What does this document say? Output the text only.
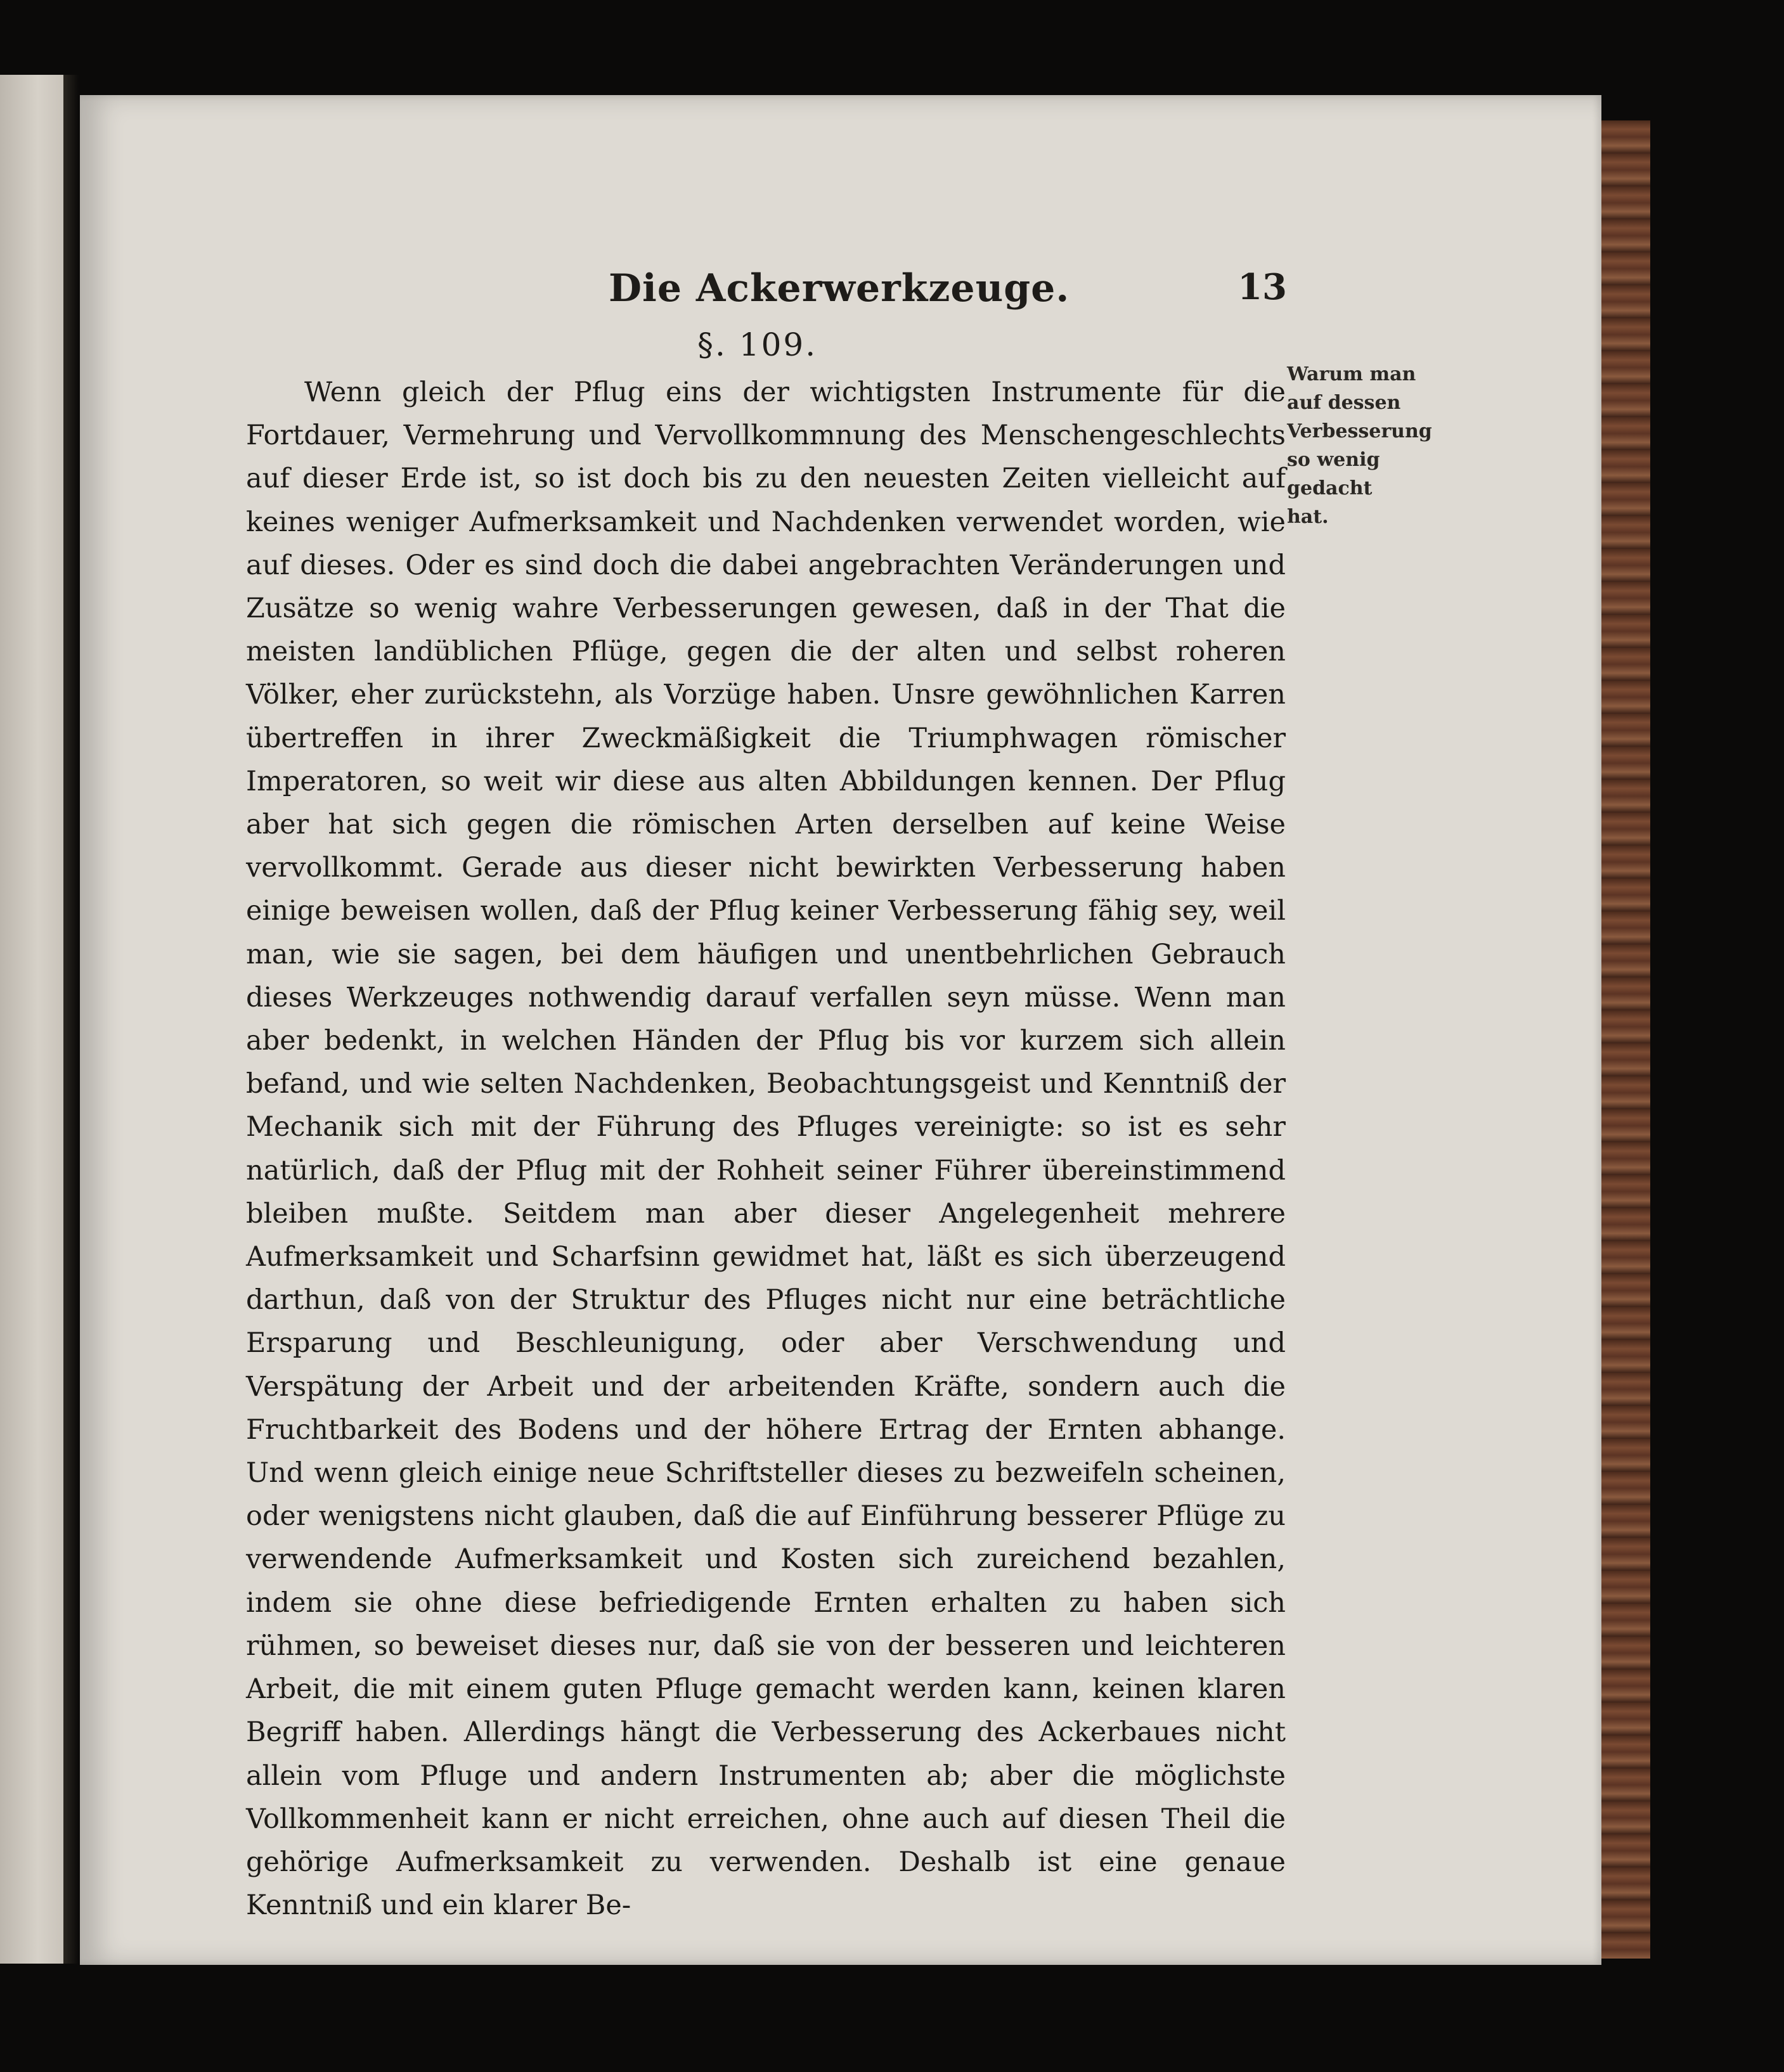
Die Ackerwerkzeuge.	13
§. 109.

Wenn gleich der Pflug eins der wichtigsten Instrumente für die Fortdauer, Vermehrung und Vervollkommnung des Menschengeschlechts auf dieser Erde ist, so ist doch bis zu den neuesten Zeiten vielleicht auf keines weniger Aufmerksamkeit und Nachdenken verwendet worden, wie auf dieses. Oder es sind doch die dabei angebrachten Veränderungen und Zusätze so wenig wahre Verbesserungen gewesen, daß in der That die meisten landüblichen Pflüge, gegen die der alten und selbst roheren Völker, eher zurückstehn, als Vorzüge haben. Unsre gewöhnlichen Karren übertreffen in ihrer Zweckmäßigkeit die Triumphwagen römischer Imperatoren, so weit wir diese aus alten Abbildungen kennen. Der Pflug aber hat sich gegen die römischen Arten derselben auf keine Weise vervollkommt. Gerade aus dieser nicht bewirkten Verbesserung haben einige beweisen wollen, daß der Pflug keiner Verbesserung fähig sey, weil man, wie sie sagen, bei dem häufigen und unentbehrlichen Gebrauch dieses Werkzeuges nothwendig darauf verfallen seyn müsse. Wenn man aber bedenkt, in welchen Händen der Pflug bis vor kurzem sich allein befand, und wie selten Nachdenken, Beobachtungsgeist und Kenntniß der Mechanik sich mit der Führung des Pfluges vereinigte: so ist es sehr natürlich, daß der Pflug mit der Rohheit seiner Führer übereinstimmend bleiben mußte. Seitdem man aber dieser Angelegenheit mehrere Aufmerksamkeit und Scharfsinn gewidmet hat, läßt es sich überzeugend darthun, daß von der Struktur des Pfluges nicht nur eine beträchtliche Ersparung und Beschleunigung, oder aber Verschwendung und Verspätung der Arbeit und der arbeitenden Kräfte, sondern auch die Fruchtbarkeit des Bodens und der höhere Ertrag der Ernten abhange. Und wenn gleich einige neue Schriftsteller dieses zu bezweifeln scheinen, oder wenigstens nicht glauben, daß die auf Einführung besserer Pflüge zu verwendende Aufmerksamkeit und Kosten sich zureichend bezahlen, indem sie ohne diese befriedigende Ernten erhalten zu haben sich rühmen, so beweiset dieses nur, daß sie von der besseren und leichteren Arbeit, die mit einem guten Pfluge gemacht werden kann, keinen klaren Begriff haben. Allerdings hängt die Verbesserung des Ackerbaues nicht allein vom Pfluge und andern Instrumenten ab; aber die möglichste Vollkommenheit kann er nicht erreichen, ohne auch auf diesen Theil die gehörige Aufmerksamkeit zu verwenden. Deshalb ist eine genaue Kenntniß und ein klarer Be-

Warum man auf dessen Verbesserung so wenig gedacht hat.
